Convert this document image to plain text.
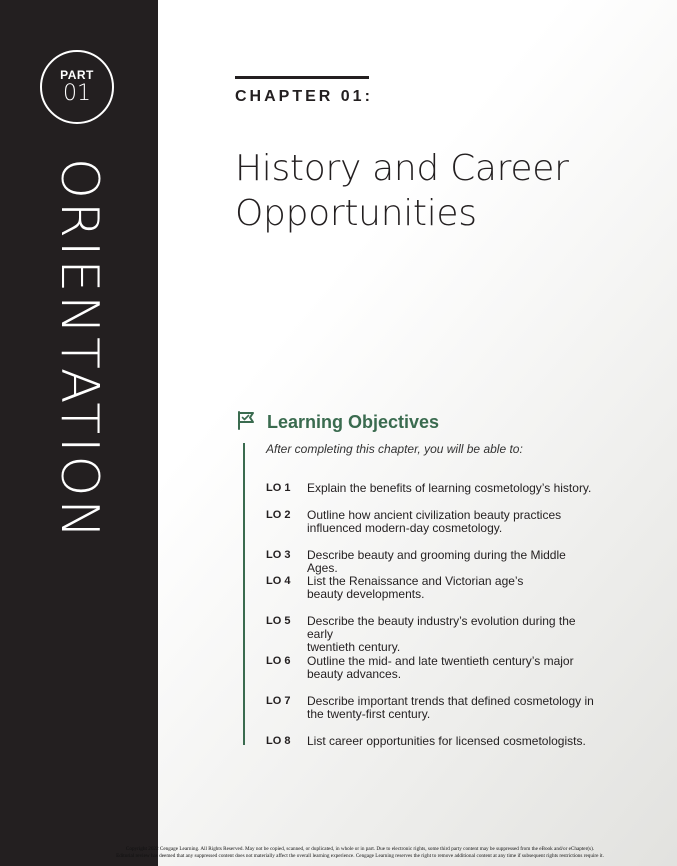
PART
01
ORIENTATION
CHAPTER 01:
History and Career
Opportunities
Learning Objectives
After completing this chapter, you will be able to:
LO 1	Explain the benefits of learning cosmetology’s history.
LO 2	Outline how ancient civilization beauty practices
influenced modern-day cosmetology.
LO 3	Describe beauty and grooming during the Middle Ages.
LO 4	List the Renaissance and Victorian age’s
beauty developments.
LO 5	Describe the beauty industry’s evolution during the early
twentieth century.
LO 6	Outline the mid- and late twentieth century’s major
beauty advances.
LO 7	Describe important trends that defined cosmetology in
the twenty-first century.
LO 8	List career opportunities for licensed cosmetologists.
Copyright 2022 Cengage Learning. All Rights Reserved. May not be copied, scanned, or duplicated, in whole or in part. Due to electronic rights, some third party content may be suppressed from the eBook and/or eChapter(s).
Editorial review has deemed that any suppressed content does not materially affect the overall learning experience. Cengage Learning reserves the right to remove additional content at any time if subsequent rights restrictions require it.
